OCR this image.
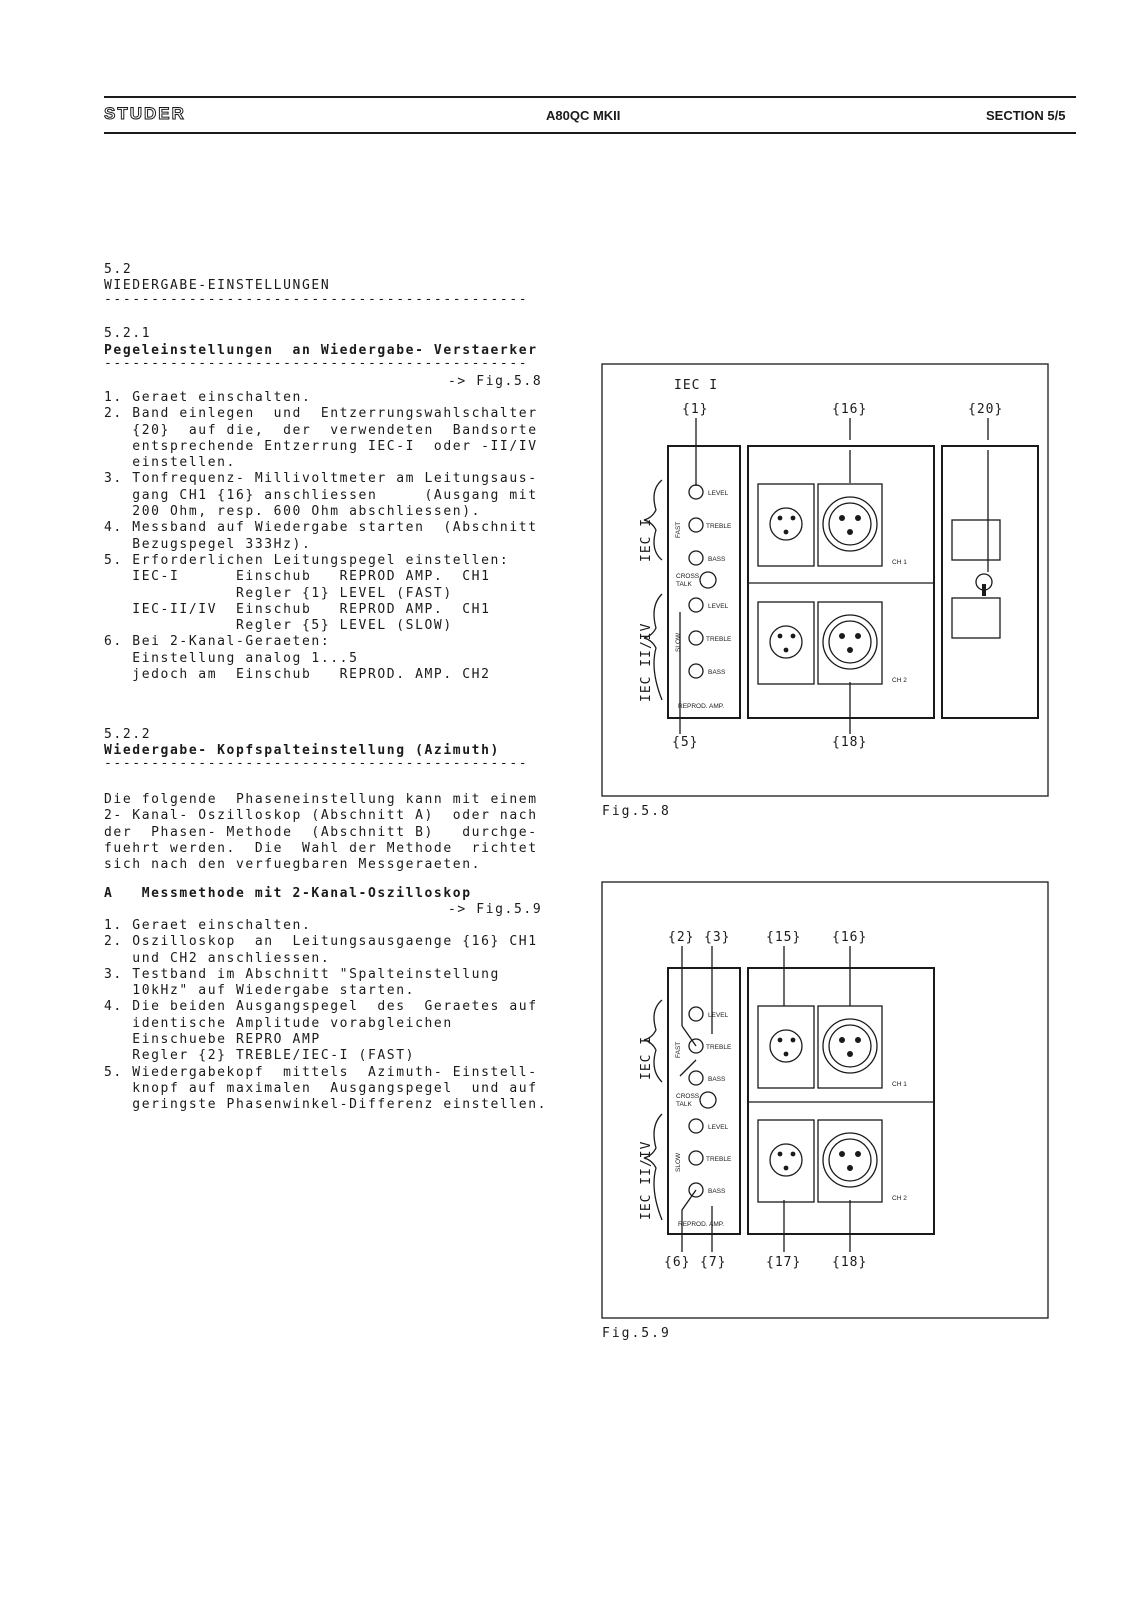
STUDER	A80QC MKII	SECTION 5/5
5.2
WIEDERGABE-EINSTELLUNGEN
---------------------------------------------
5.2.1
Pegeleinstellungen  an Wiedergabe- Verstaerker
---------------------------------------------
-> Fig.5.8
1. Geraet einschalten.
2. Band einlegen  und  Entzerrungswahlschalter
{20}  auf die,  der  verwendeten  Bandsorte
entsprechende Entzerrung IEC-I  oder -II/IV
einstellen.
3. Tonfrequenz- Millivoltmeter am Leitungsaus-
gang CH1 {16} anschliessen     (Ausgang mit
200 Ohm, resp. 600 Ohm abschliessen).
4. Messband auf Wiedergabe starten  (Abschnitt
Bezugspegel 333Hz).
5. Erforderlichen Leitungspegel einstellen:
IEC-I      Einschub   REPROD AMP.  CH1
Regler {1} LEVEL (FAST)
IEC-II/IV  Einschub   REPROD AMP.  CH1
Regler {5} LEVEL (SLOW)
6. Bei 2-Kanal-Geraeten:
Einstellung analog 1...5
jedoch am  Einschub   REPROD. AMP. CH2
5.2.2
Wiedergabe- Kopfspalteinstellung (Azimuth)
---------------------------------------------
Die folgende  Phaseneinstellung kann mit einem
2- Kanal- Oszilloskop (Abschnitt A)  oder nach
der  Phasen- Methode  (Abschnitt B)   durchge-
fuehrt werden.  Die  Wahl der Methode  richtet
sich nach den verfuegbaren Messgeraeten.
A   Messmethode mit 2-Kanal-Oszilloskop
-> Fig.5.9
1. Geraet einschalten.
2. Oszilloskop  an  Leitungsausgaenge {16} CH1
und CH2 anschliessen.
3. Testband im Abschnitt "Spalteinstellung
10kHz" auf Wiedergabe starten.
4. Die beiden Ausgangspegel  des  Geraetes auf
identische Amplitude vorabgleichen
Einschuebe REPRO AMP
Regler {2} TREBLE/IEC-I (FAST)
5. Wiedergabekopf  mittels  Azimuth- Einstell-
knopf auf maximalen  Ausgangspegel  und auf
geringste Phasenwinkel-Differenz einstellen.
IEC I
{1}	{16}	{20}
{5}	{18}
IEC I
IEC II/IV
FAST
SLOW
LEVEL
TREBLE
BASS
CROSS
TALK
LEVEL
TREBLE
BASS
REPROD. AMP.
CH 1
CH 2
Fig.5.8
{2} {3}	{15} {16}
{6} {7}	{17} {18}
IEC I
IEC II/IV
FAST
SLOW
LEVEL
TREBLE
BASS
CROSS
TALK
LEVEL
TREBLE
BASS
REPROD. AMP.
CH 1
CH 2
Fig.5.9
